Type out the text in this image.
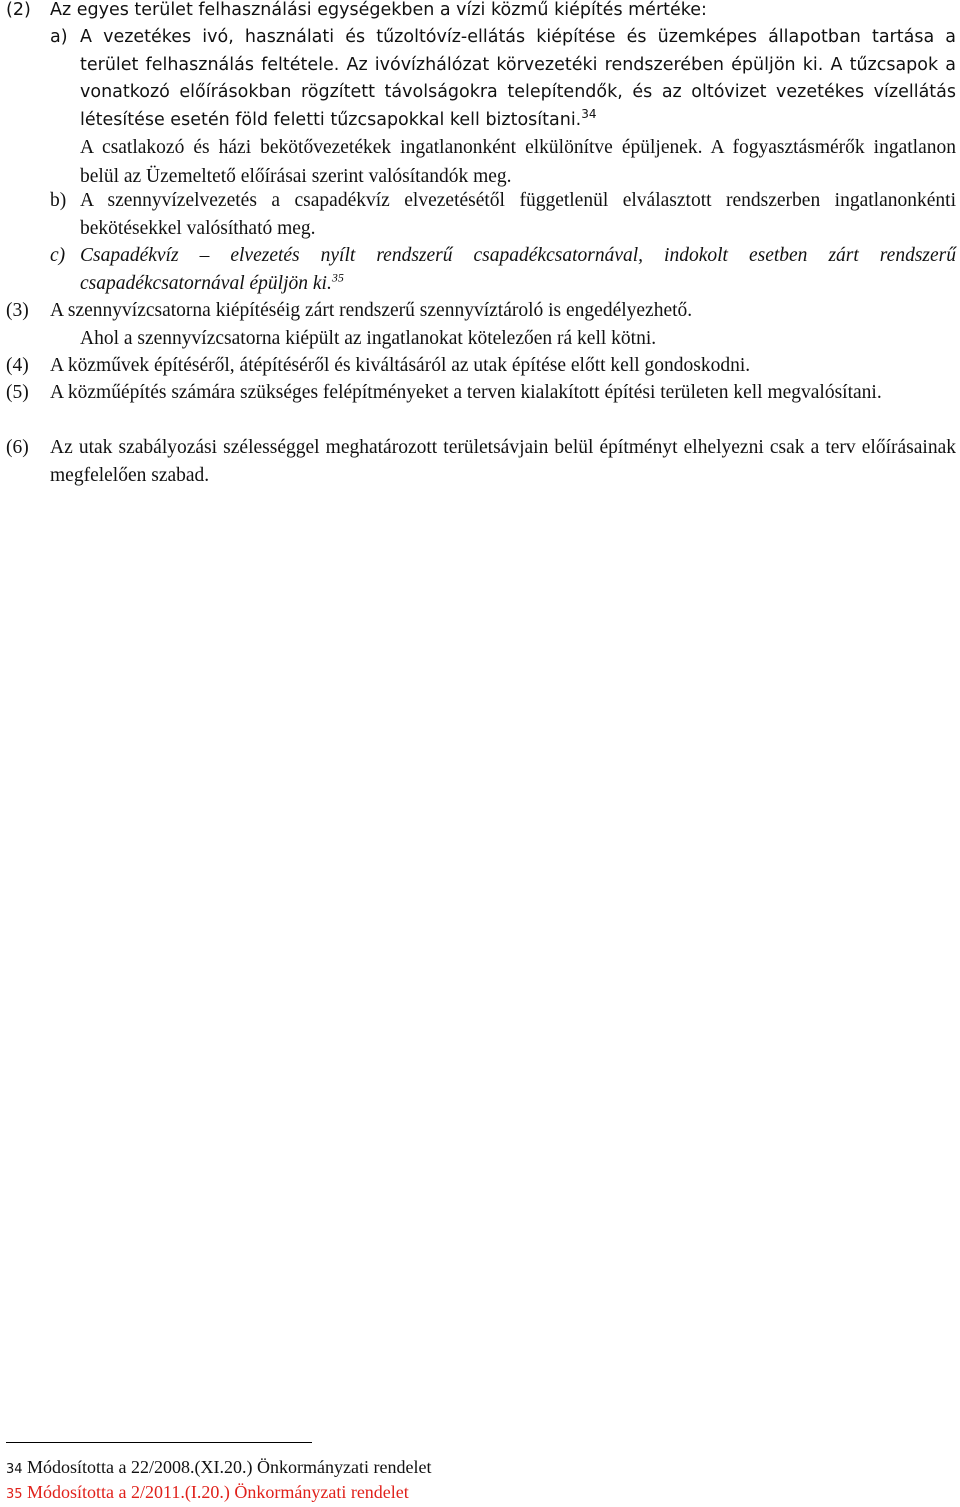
(2)	Az egyes terület felhasználási egységekben a vízi közmű kiépítés mértéke:
a) A vezetékes ivó, használati és tűzoltóvíz-ellátás kiépítése és üzemképes állapotban tartása a terület felhasználás feltétele. Az ivóvízhálózat körvezetéki rendszerében épüljön ki. A tűzcsapok a vonatkozó előírásokban rögzített távolságokra telepítendők, és az oltóvizet vezetékes vízellátás létesítése esetén föld feletti tűzcsapokkal kell biztosítani.$^{34}$
A csatlakozó és házi bekötővezetékek ingatlanonként elkülönítve épüljenek. A fogyasztásmérők ingatlanon belül az Üzemeltető előírásai szerint valósítandók meg.
b) A szennyvízelvezetés a csapadékvíz elvezetésétől függetlenül elválasztott rendszerben ingatlanonkénti bekötésekkel valósítható meg.
c) Csapadékvíz – elvezetés nyílt rendszerű csapadékcsatornával, indokolt esetben zárt rendszerű csapadékcsatornával épüljön ki.$^{35}$
(3)	A szennyvízcsatorna kiépítéséig zárt rendszerű szennyvíztároló is engedélyezhető.
Ahol a szennyvízcsatorna kiépült az ingatlanokat kötelezően rá kell kötni.
(4)	A közművek építéséről, átépítéséről és kiváltásáról az utak építése előtt kell gondoskodni.
(5)	A közműépítés számára szükséges felépítményeket a terven kialakított építési területen kell megvalósítani.
(6)	Az utak szabályozási szélességgel meghatározott területsávjain belül építményt elhelyezni csak a terv előírásainak megfelelően szabad.
34 Módosította a 22/2008.(XI.20.) Önkormányzati rendelet
35 Módosította a 2/2011.(I.20.) Önkormányzati rendelet
